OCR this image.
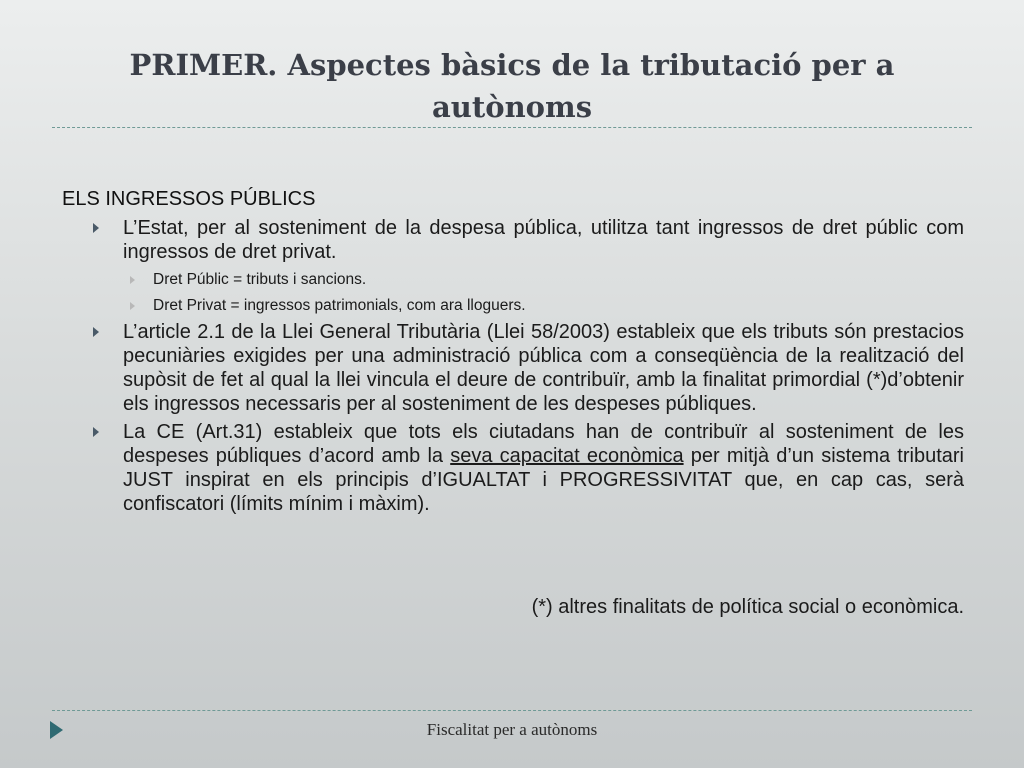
PRIMER. Aspectes bàsics de la tributació per a
autònoms
ELS INGRESSOS PÚBLICS
L’Estat, per al sosteniment de la despesa pública, utilitza tant ingressos de dret públic com ingressos de dret privat.
Dret Públic = tributs i sancions.
Dret Privat = ingressos patrimonials, com ara lloguers.
L’article 2.1 de la Llei General Tributària (Llei 58/2003) estableix que els tributs són prestacios pecuniàries exigides per una administració pública com a conseqüència de la realització del supòsit de fet al qual la llei vincula el deure de contribuïr, amb la finalitat primordial (*)d’obtenir els ingressos necessaris per al sosteniment de les despeses públiques.
La CE (Art.31) estableix que tots els ciutadans han de contribuïr al sosteniment de les despeses públiques d’acord amb la seva capacitat econòmica per mitjà d’un sistema tributari JUST inspirat en els principis d’IGUALTAT i PROGRESSIVITAT que, en cap cas, serà confiscatori (límits mínim i màxim).
(*) altres finalitats de política social o econòmica.
Fiscalitat per a autònoms
